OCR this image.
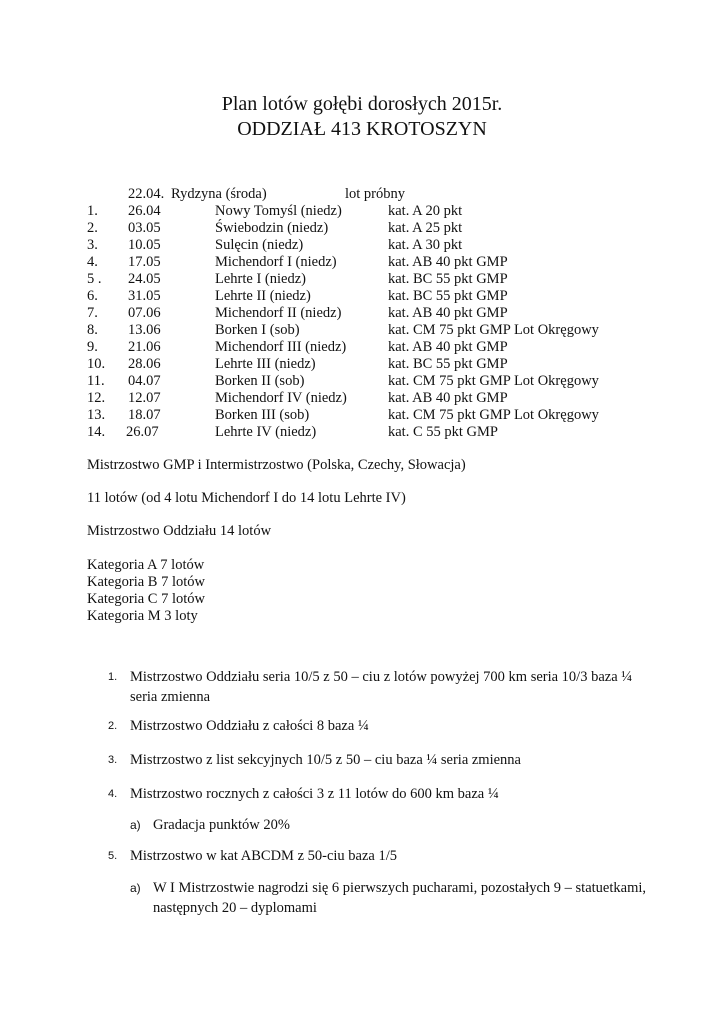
Plan lotów gołębi dorosłych 2015r.
ODDZIAŁ 413 KROTOSZYN
22.04. Rydzyna (środa)	lot próbny
1. 26.04	Nowy Tomyśl (niedz)	kat. A 20 pkt
2. 03.05	Świebodzin (niedz)	kat. A 25 pkt
3. 10.05	Sulęcin (niedz)	kat. A 30 pkt
4. 17.05	Michendorf I (niedz)	kat. AB 40 pkt GMP
5 . 24.05	Lehrte I (niedz)	kat. BC 55 pkt GMP
6. 31.05	Lehrte II (niedz)	kat. BC 55 pkt GMP
7. 07.06	Michendorf II (niedz)	kat. AB 40 pkt GMP
8. 13.06	Borken I (sob)	kat. CM 75 pkt GMP Lot Okręgowy
9. 21.06	Michendorf III (niedz)	kat. AB 40 pkt GMP
10. 28.06	Lehrte III (niedz)	kat. BC 55 pkt GMP
11. 04.07	Borken II (sob)	kat. CM 75 pkt GMP Lot Okręgowy
12. 12.07	Michendorf IV (niedz)	kat. AB 40 pkt GMP
13. 18.07	Borken III (sob)	kat. CM 75 pkt GMP Lot Okręgowy
14. 26.07	Lehrte IV (niedz)	kat. C 55 pkt GMP
Mistrzostwo GMP i Intermistrzostwo (Polska, Czechy, Słowacja)
11 lotów (od 4 lotu Michendorf I do 14 lotu Lehrte IV)
Mistrzostwo Oddziału 14 lotów
Kategoria A 7 lotów
Kategoria B 7 lotów
Kategoria C 7 lotów
Kategoria M 3 loty
1. Mistrzostwo Oddziału seria 10/5 z 50 – ciu z lotów powyżej 700 km seria 10/3 baza ¼ seria zmienna
2. Mistrzostwo Oddziału z całości 8 baza ¼
3. Mistrzostwo z list sekcyjnych 10/5 z 50 – ciu baza ¼ seria zmienna
4. Mistrzostwo rocznych z całości 3 z 11 lotów do 600 km baza ¼
a) Gradacja punktów 20%
5. Mistrzostwo w kat ABCDM z 50-ciu baza 1/5
a) W I Mistrzostwie nagrodzi się 6 pierwszych pucharami, pozostałych 9 – statuetkami, następnych 20 – dyplomami
